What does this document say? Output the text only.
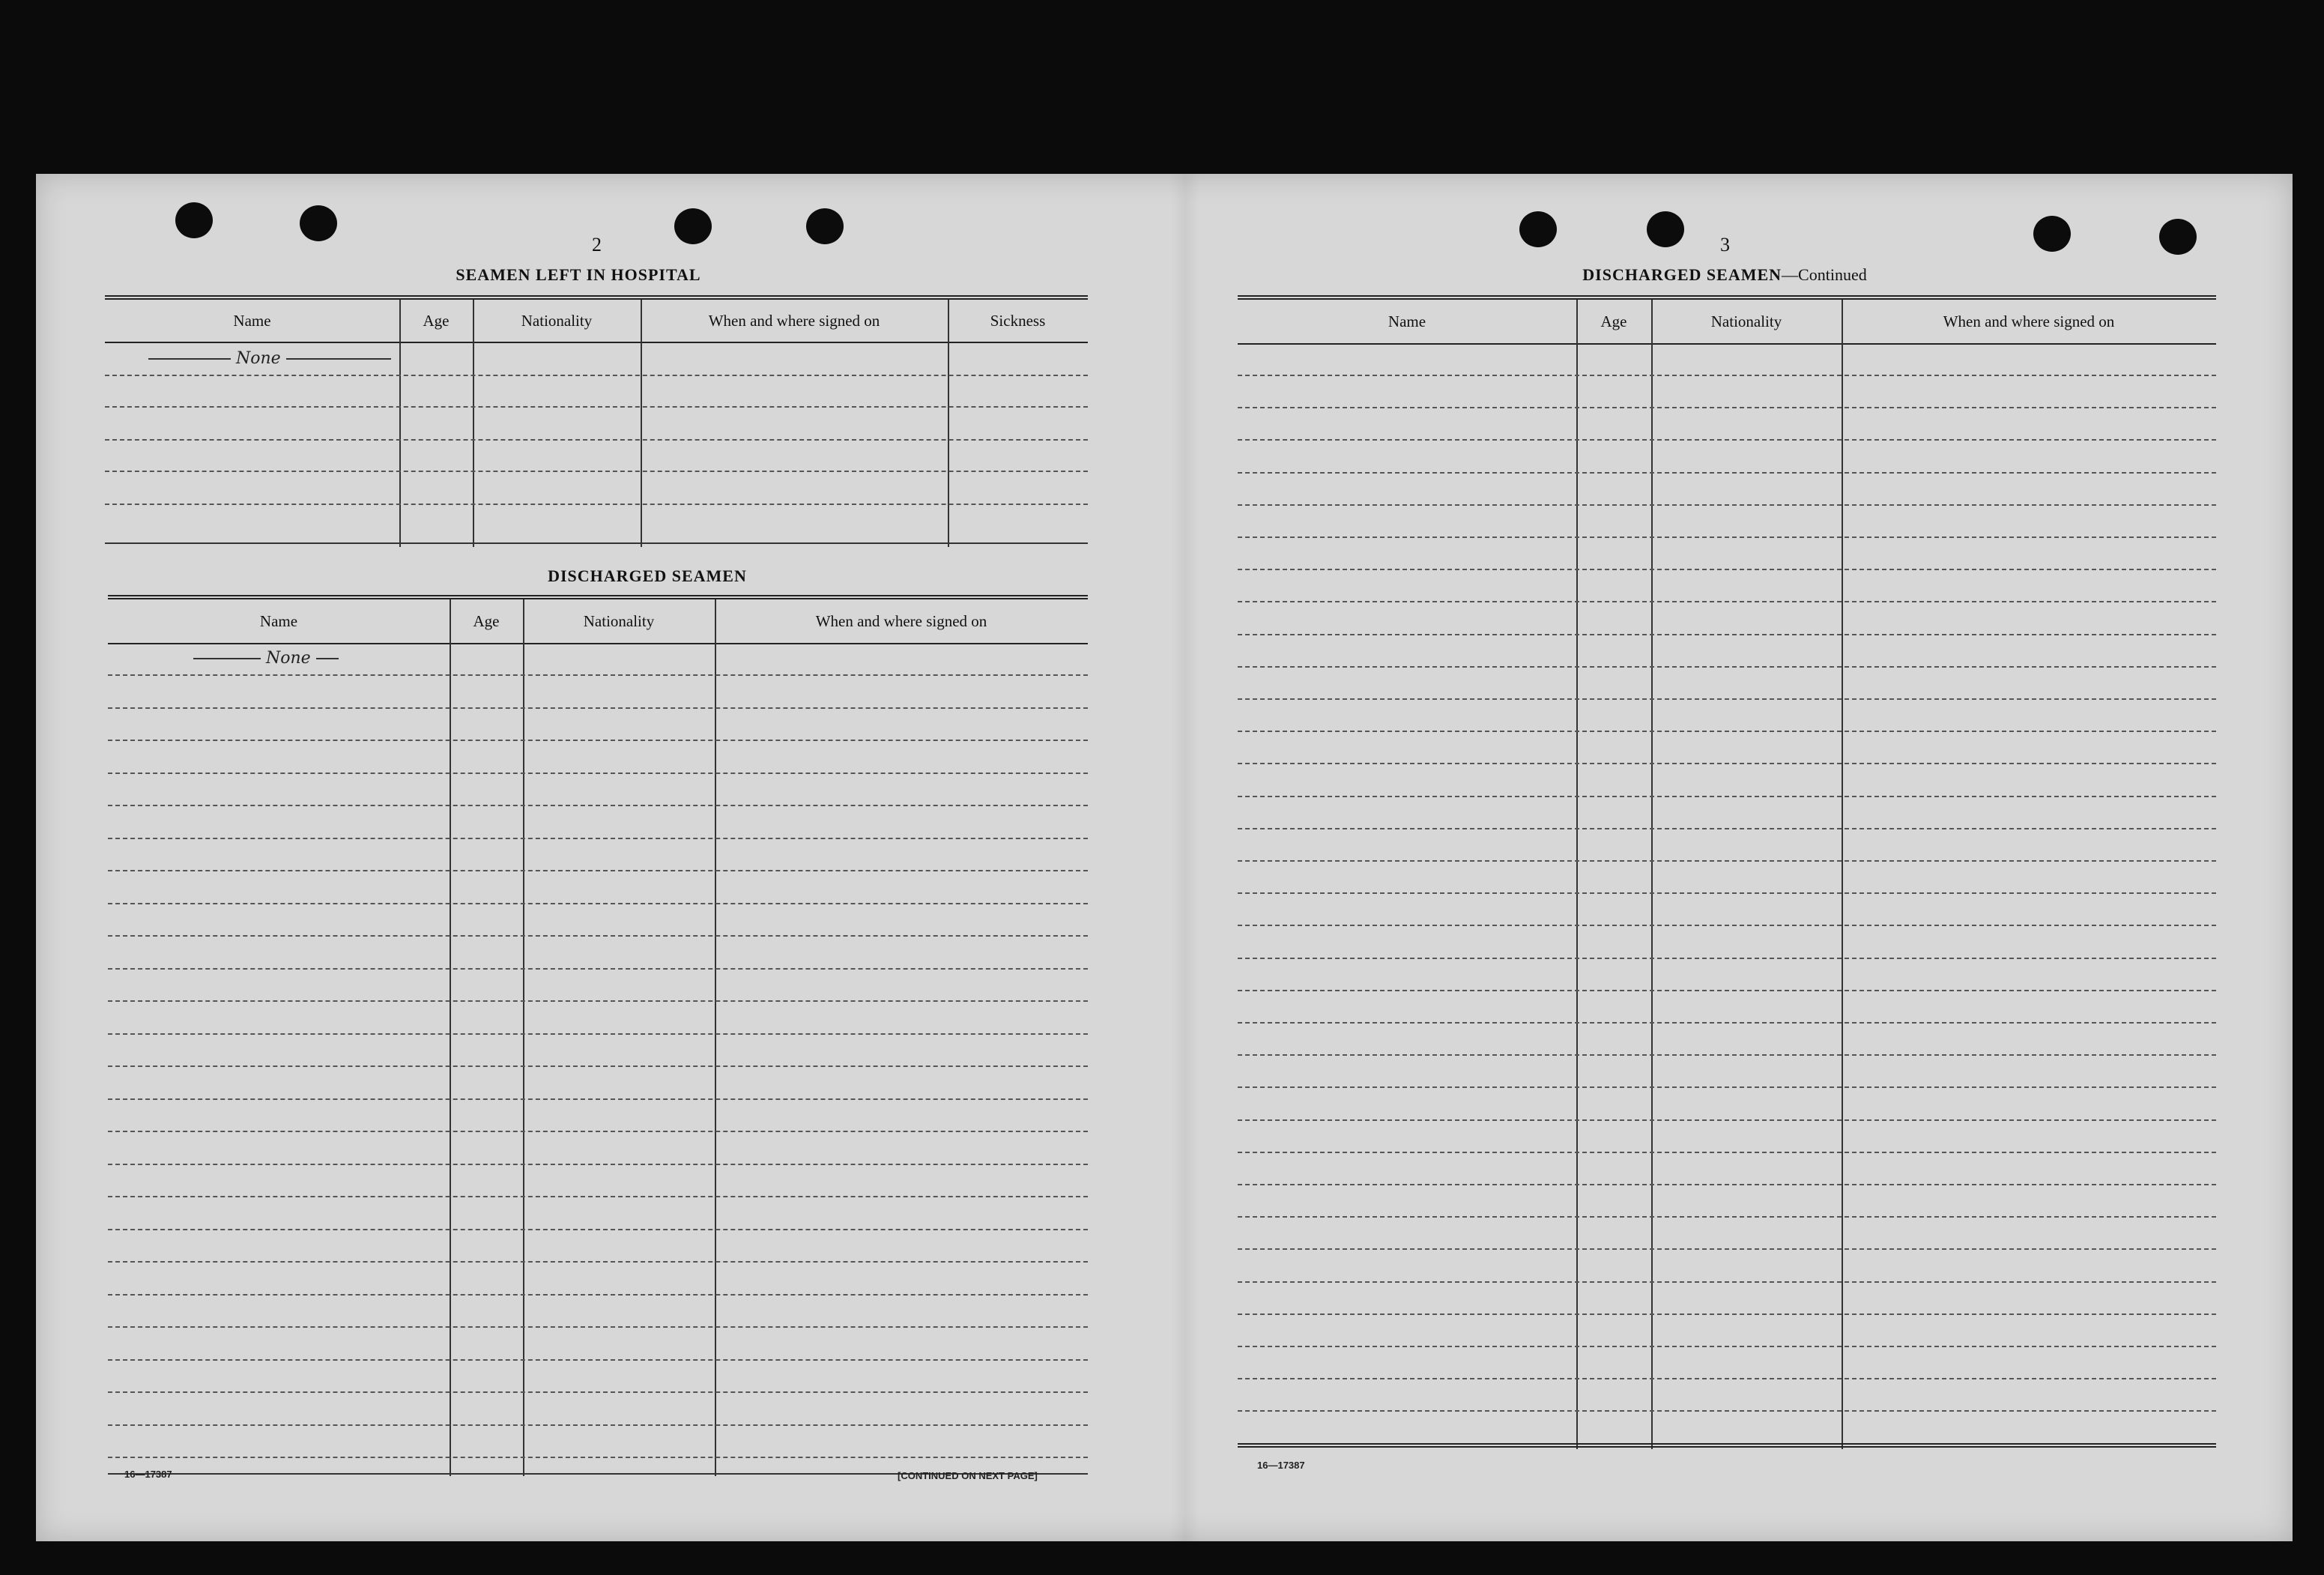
2
SEAMEN LEFT IN HOSPITAL
Name	Age	Nationality	When and where signed on	Sickness
None
DISCHARGED SEAMEN
Name	Age	Nationality	When and where signed on
None
16—17387	[CONTINUED ON NEXT PAGE]
3
DISCHARGED SEAMEN—Continued
Name	Age	Nationality	When and where signed on
16—17387
